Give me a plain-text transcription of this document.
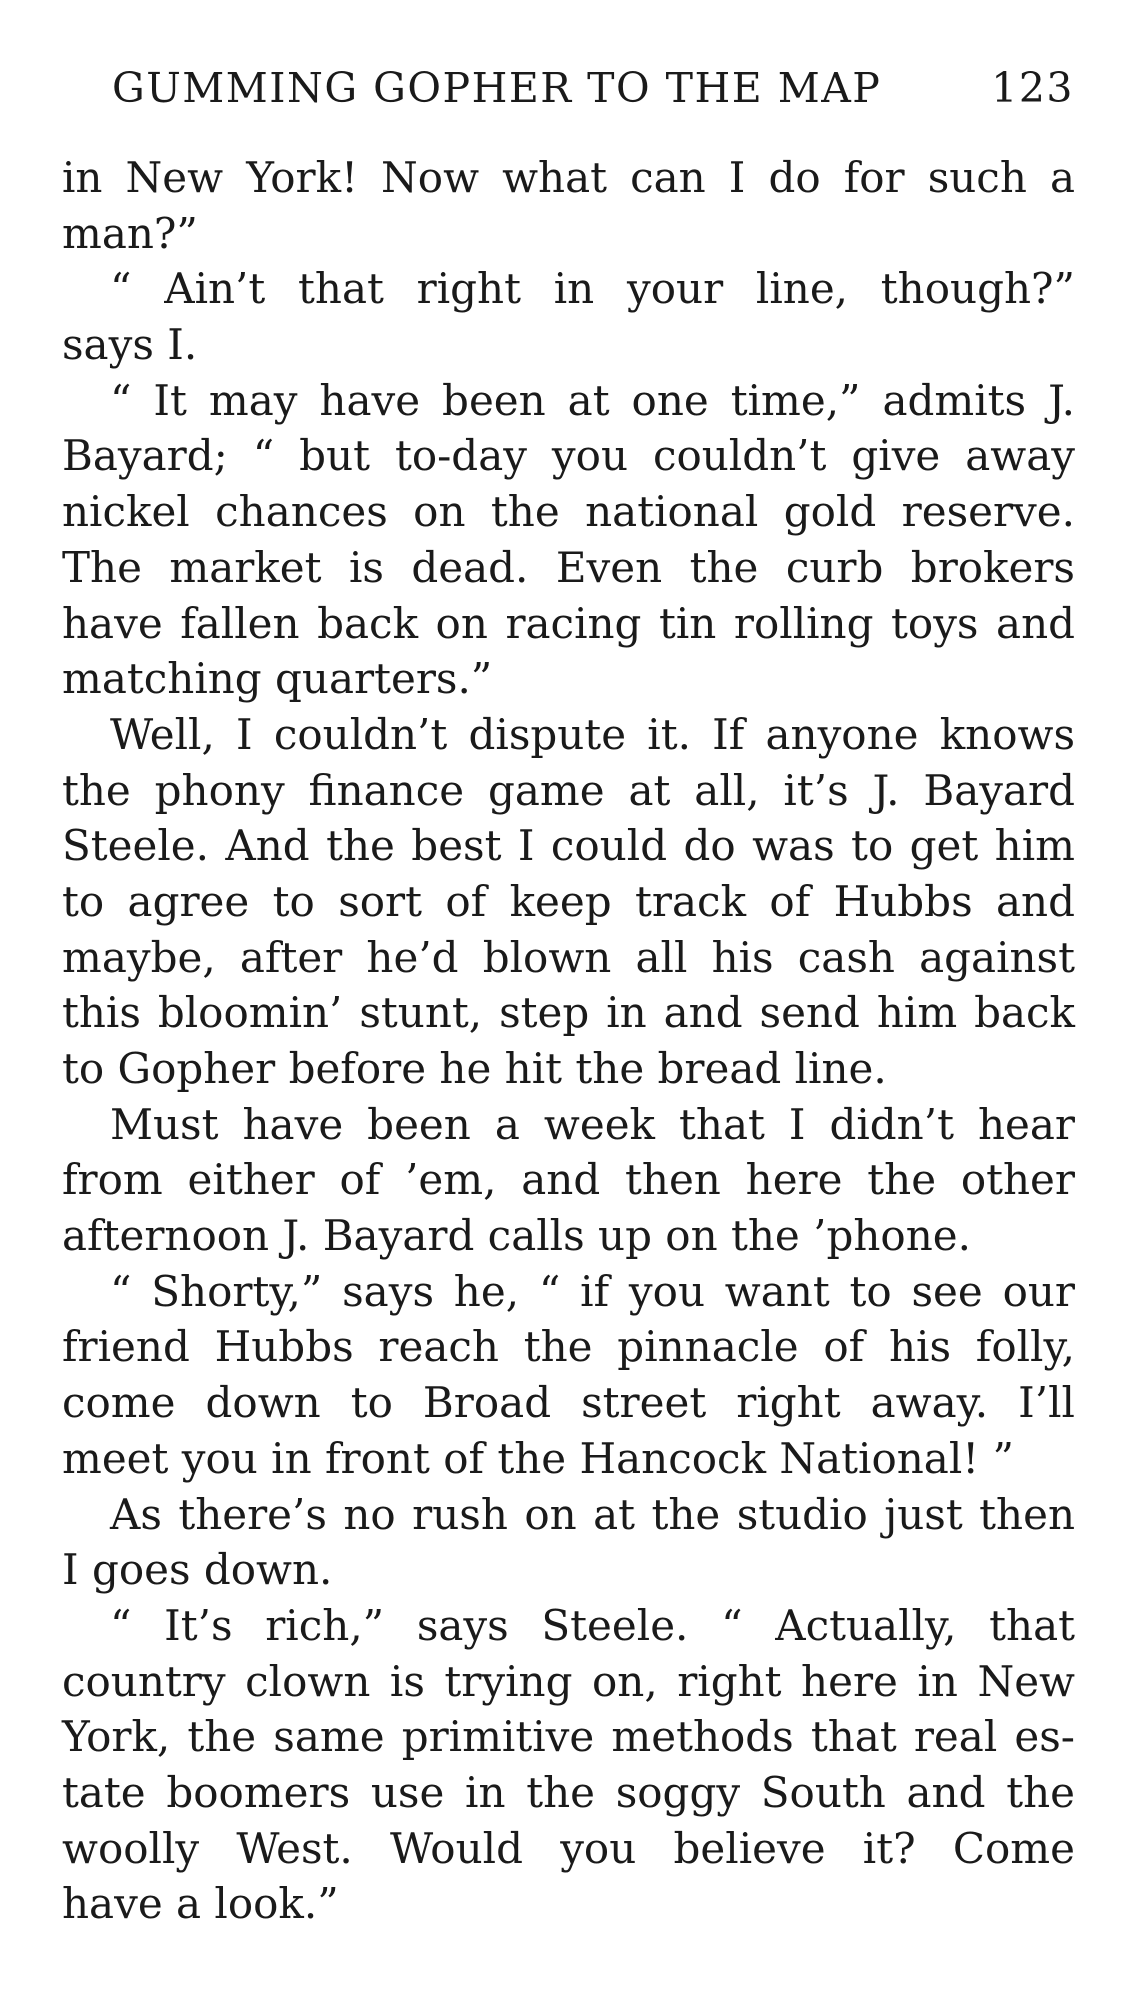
GUMMING GOPHER TO THE MAP	123
in New York! Now what can I do for such a
man?”
“ Ain’t that right in your line, though?”
says I.
“ It may have been at one time,” admits J.
Bayard; “ but to-day you couldn’t give away
nickel chances on the national gold reserve.
The market is dead. Even the curb brokers
have fallen back on racing tin rolling toys and
matching quarters.”
Well, I couldn’t dispute it. If anyone knows
the phony finance game at all, it’s J. Bayard
Steele. And the best I could do was to get him
to agree to sort of keep track of Hubbs and
maybe, after he’d blown all his cash against
this bloomin’ stunt, step in and send him back
to Gopher before he hit the bread line.
Must have been a week that I didn’t hear
from either of ’em, and then here the other
afternoon J. Bayard calls up on the ’phone.
“ Shorty,” says he, “ if you want to see our
friend Hubbs reach the pinnacle of his folly,
come down to Broad street right away. I’ll
meet you in front of the Hancock National! ”
As there’s no rush on at the studio just then
I goes down.
“ It’s rich,” says Steele. “ Actually, that
country clown is trying on, right here in New
York, the same primitive methods that real es-
tate boomers use in the soggy South and the
woolly West. Would you believe it? Come
have a look.”
